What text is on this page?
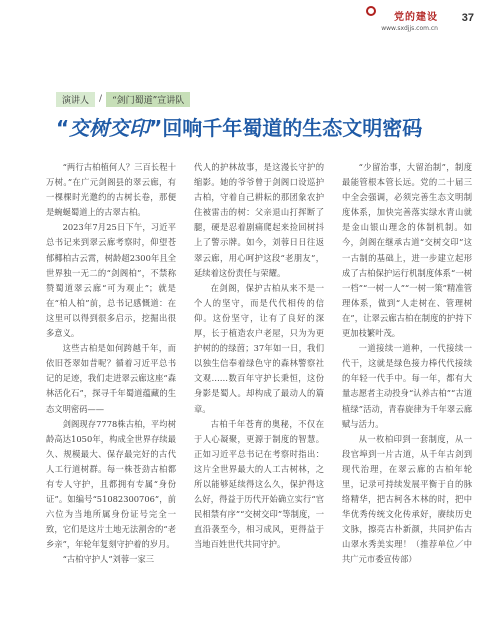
党的建设
www.sxdjjs.com.cn
37
演讲人	/	“剑门蜀道”宣讲队
“交树交印”回响千年蜀道的生态文明密码

“两行古柏植何人？三百长程十万树。”在广元剑阁县的翠云廊，有一棵棵时光邀约的古树长卷，那便是蜿蜒蜀道上的古翠古柏。

2023年7月25日下午，习近平总书记来到翠云廊考察时，仰望苍郁椰柏古云霄，树龄超2300年且全世界独一无二的“剑阁柏”，不禁称赞蜀道翠云廊“可为观止”；就是在“柏人柏”前，总书记感慨道：在这里可以得到很多启示，挖掘出很多意义。

这些古柏是如何跨越千年，而依旧苍翠如昔呢？循着习近平总书记的足迹，我们走进翠云廊这座“森林活化石”，探寻千年蜀道蕴藏的生态文明密码——

剑阁现存7778株古柏，平均树龄高达1050年，构成全世界存续最久、规模最大、保存最完好的古代人工行道树群。每一株苍劲古柏都有专人守护，且都拥有专属“身份证”。如编号“51082300706”，前六位为当地所属身份证号完全一致，它们是这片土地无法割舍的“老乡亲”，年轮年复刻守护着的岁月。

“古柏守护人”刘蓉一家三

代人的护林故事，是这漫长守护的缩影。她的爷爷曾于剑阁口设巡护古柏，守着自己耕耘的那团象农护住被雷击的树：父亲退山打挥断了腿，硬是忍着剧痛爬起来捡回树抖上了警示牌。如今，刘蓉日日往返翠云廊，用心呵护这段“老朋友”，延续着这份责任与荣耀。

在剑阁，保护古柏从来不是一个人的坚守，而是代代相传的信仰。这份坚守，让有了良好的深厚，长于植造农户老屋，只为为更护树的的绿茵；37年如一日，我们以独生信奉着绿色守的森林警察社文观……数百年守护长秉恒，这份身影是蜀人。却构成了最动人的篇章。

古柏千年苍育的奥秘，不仅在于人心凝聚，更源于制度的智慧。正如习近平总书记在考察时指出：这片全世界最大的人工古树林，之所以能够延续得这么久，保护得这么好，得益于历代开始确立实行“官民相禁有序”“交树交印”等制度，一直沿袭至今，相习成风，更得益于当地百姓世代共同守护。

“少留治事，大留治制”，制度最能管根本管长远。党的二十届三中全会强调，必须完善生态文明制度体系，加快完善落实绿水青山就是金山银山理念的体制机制。如今，剑阁在继承古道“交树交印”这一古制的基础上，进一步建立起形成了古柏保护运行机制度体系“一树一档”“一树一人”“一树一策”精准管理体系，做到“人走树在、管理树在”，让翠云廊古柏在制度的护持下更加枝繁叶茂。

一道接续一道种，一代接续一代干，这就是绿色接力棒代代接续的年轻一代手中。每一年，都有大量志愿者主动投身“认养古柏”“古道植绿”活动，青春旋律为千年翠云廊赋与活力。

从一枚柏印到一套制度，从一段官埠到一片古道，从千年古剑到现代治理，在翠云廊的古柏年轮里，记录可持续发展平衡于自的脉络精华，把古柯各木林的时，把中华优秀传统文化传承好，赓续历史文脉，擦亮古朴新颜，共同护佑古山翠水秀美实理！（推荐单位／中共广元市委宣传部）
